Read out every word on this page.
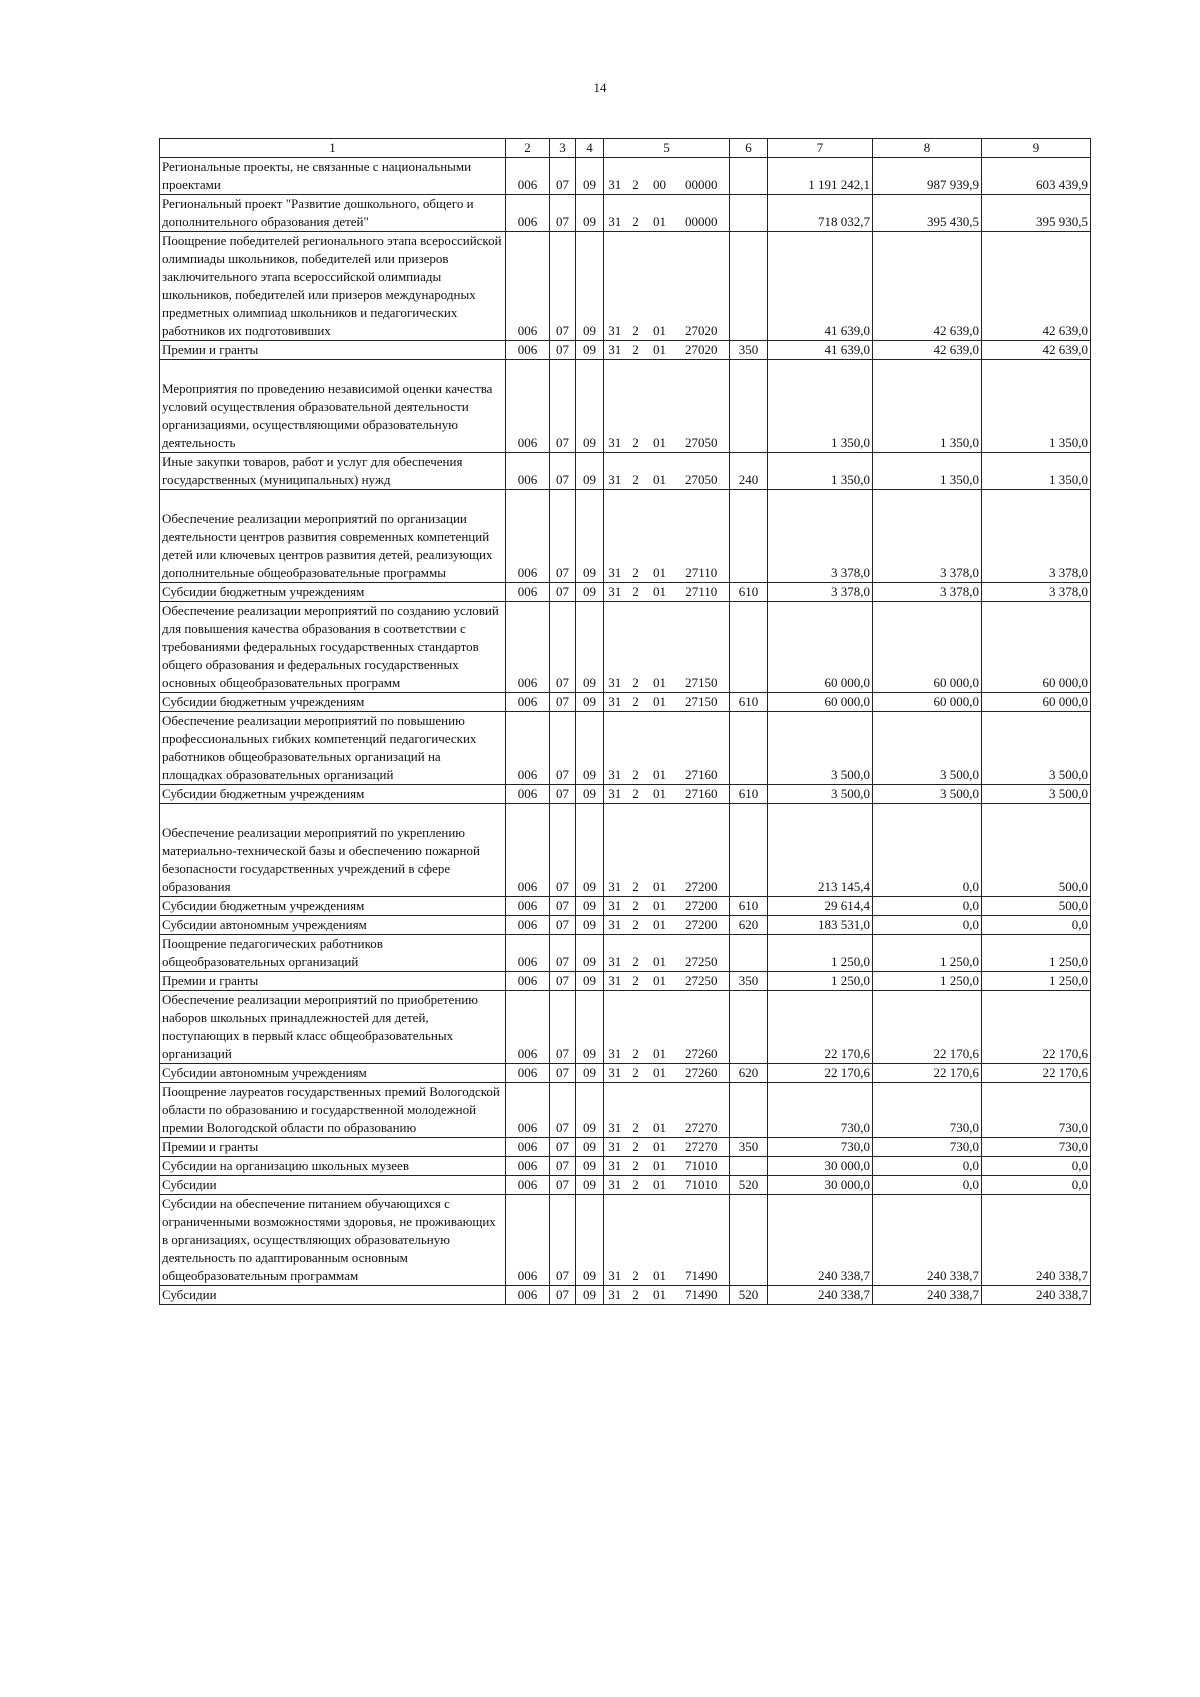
14
1	2	3	4	5				6	7	8	9
Региональные проекты, не связанные с национальными проектами	006	07	09	31	2	00	00000		1 191 242,1	987 939,9	603 439,9
Региональный проект "Развитие дошкольного, общего и дополнительного образования детей"	006	07	09	31	2	01	00000		718 032,7	395 430,5	395 930,5
Поощрение победителей регионального этапа всероссийской олимпиады школьников, победителей или призеров заключительного этапа всероссийской олимпиады школьников, победителей или призеров международных предметных олимпиад школьников и педагогических работников их подготовивших	006	07	09	31	2	01	27020		41 639,0	42 639,0	42 639,0
Премии и гранты	006	07	09	31	2	01	27020	350	41 639,0	42 639,0	42 639,0
Мероприятия по проведению независимой оценки качества условий осуществления образовательной деятельности организациями, осуществляющими образовательную деятельность	006	07	09	31	2	01	27050		1 350,0	1 350,0	1 350,0
Иные закупки товаров, работ и услуг для обеспечения государственных (муниципальных) нужд	006	07	09	31	2	01	27050	240	1 350,0	1 350,0	1 350,0
Обеспечение реализации мероприятий по организации деятельности центров развития современных компетенций детей или ключевых центров развития детей, реализующих дополнительные общеобразовательные программы	006	07	09	31	2	01	27110		3 378,0	3 378,0	3 378,0
Субсидии бюджетным учреждениям	006	07	09	31	2	01	27110	610	3 378,0	3 378,0	3 378,0
Обеспечение реализации мероприятий по созданию условий для повышения качества образования в соответствии с требованиями федеральных государственных стандартов общего образования и федеральных государственных основных общеобразовательных программ	006	07	09	31	2	01	27150		60 000,0	60 000,0	60 000,0
Субсидии бюджетным учреждениям	006	07	09	31	2	01	27150	610	60 000,0	60 000,0	60 000,0
Обеспечение реализации мероприятий по повышению профессиональных гибких компетенций педагогических работников общеобразовательных организаций на площадках образовательных организаций	006	07	09	31	2	01	27160		3 500,0	3 500,0	3 500,0
Субсидии бюджетным учреждениям	006	07	09	31	2	01	27160	610	3 500,0	3 500,0	3 500,0
Обеспечение реализации мероприятий по укреплению материально-технической базы и обеспечению пожарной безопасности государственных учреждений в сфере образования	006	07	09	31	2	01	27200		213 145,4	0,0	500,0
Субсидии бюджетным учреждениям	006	07	09	31	2	01	27200	610	29 614,4	0,0	500,0
Субсидии автономным учреждениям	006	07	09	31	2	01	27200	620	183 531,0	0,0	0,0
Поощрение педагогических работников общеобразовательных организаций	006	07	09	31	2	01	27250		1 250,0	1 250,0	1 250,0
Премии и гранты	006	07	09	31	2	01	27250	350	1 250,0	1 250,0	1 250,0
Обеспечение реализации мероприятий по приобретению наборов школьных принадлежностей для детей, поступающих в первый класс общеобразовательных организаций	006	07	09	31	2	01	27260		22 170,6	22 170,6	22 170,6
Субсидии автономным учреждениям	006	07	09	31	2	01	27260	620	22 170,6	22 170,6	22 170,6
Поощрение лауреатов государственных премий Вологодской области по образованию и государственной молодежной премии Вологодской области по образованию	006	07	09	31	2	01	27270		730,0	730,0	730,0
Премии и гранты	006	07	09	31	2	01	27270	350	730,0	730,0	730,0
Субсидии на организацию школьных музеев	006	07	09	31	2	01	71010		30 000,0	0,0	0,0
Субсидии	006	07	09	31	2	01	71010	520	30 000,0	0,0	0,0
Субсидии на обеспечение питанием обучающихся с ограниченными возможностями здоровья, не проживающих в организациях, осуществляющих образовательную деятельность по адаптированным основным общеобразовательным программам	006	07	09	31	2	01	71490		240 338,7	240 338,7	240 338,7
Субсидии	006	07	09	31	2	01	71490	520	240 338,7	240 338,7	240 338,7
